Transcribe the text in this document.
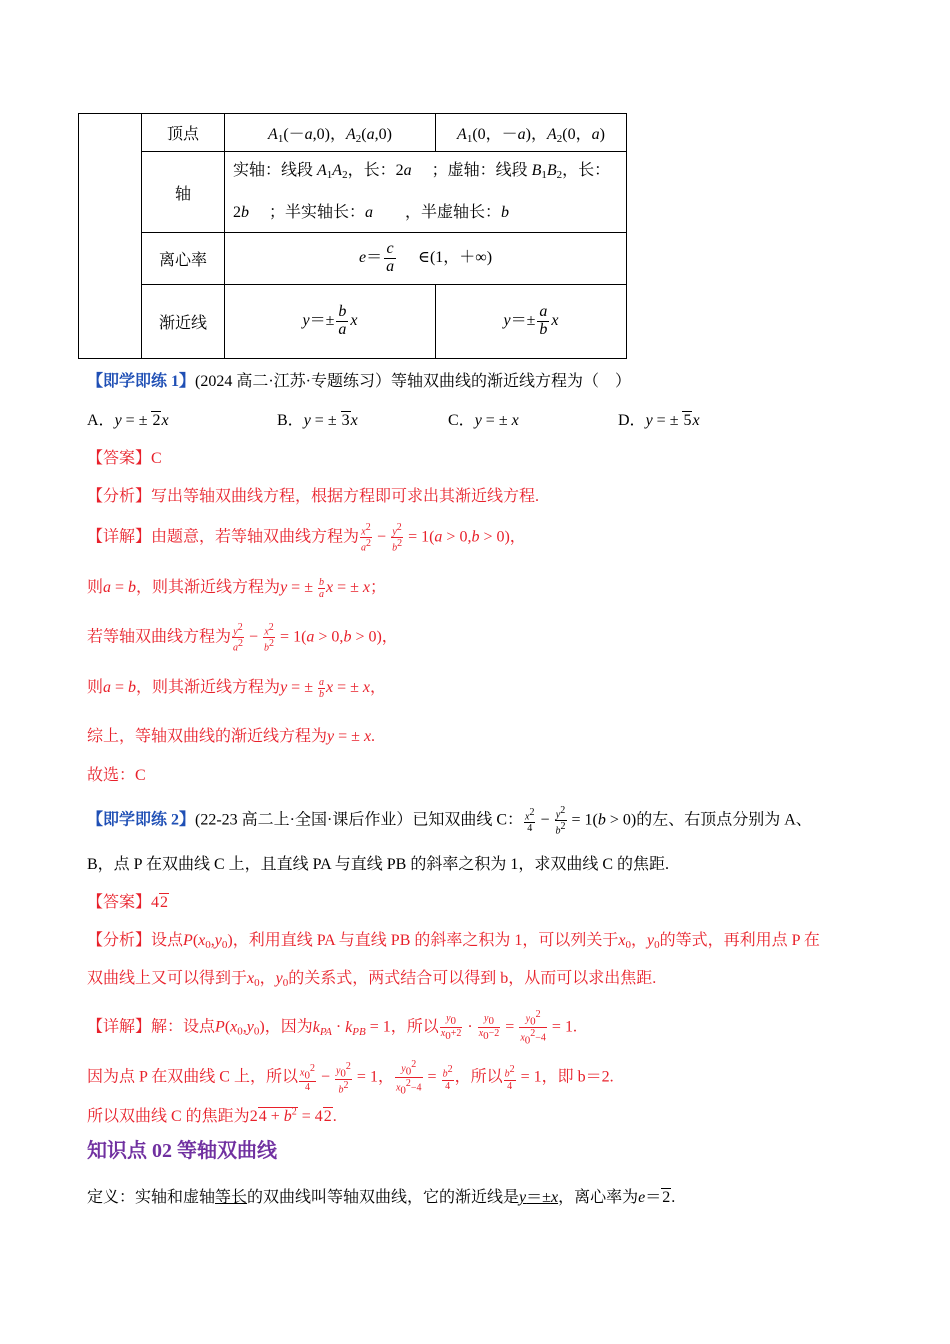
	顶点	$A_1(-a,0)$，$A_2(a,0)$	$A_1(0$，－a)，$A_2(0$，a)
	轴	实轴：线段 $A_1A_2$，长：2a　 ；虚轴：线段 $B_1B_2$，长：
2b　 ；半实轴长：a　　，半虚轴长：b	
	离心率	$e= \frac{c}{a}$
　 ∈(1，＋∞)	
	渐近线	$y=\pm \frac{b}{a}$ x	$y=\pm \frac{a}{b}$ x
【即学即练 1】(2024 高二·江苏·专题练习）等轴双曲线的渐近线方程为（　）
A．y = ± 2x	B．y = ± 3x	C．y = ± x	D．y = ± 5x
【答案】C
【分析】写出等轴双曲线方程，根据方程即可求出其渐近线方程.
【详解】由题意，若等轴双曲线方程为 $\frac{x^2}{a^2} - \frac{y^2}{b^2} = 1(a > 0,b > 0)$，
则a = b，则其渐近线方程为y = ± $\frac{b}{a}$ x = ± x；
若等轴双曲线方程为 $\frac{y^2}{a^2} - \frac{x^2}{b^2} = 1(a > 0,b > 0)$，
则a = b，则其渐近线方程为y = ± $\frac{a}{b}$ x = ± x，
综上，等轴双曲线的渐近线方程为y = ± x.
故选：C
【即学即练 2】(22-23 高二上·全国·课后作业）已知双曲线 C： $\frac{x^2}{4} - \frac{y^2}{b^2} = 1(b > 0)$的左、右顶点分别为 A、
B，点 P 在双曲线 C 上，且直线 PA 与直线 PB 的斜率之积为 1，求双曲线 C 的焦距.
【答案】42
【分析】设点$P(x_0,y_0)$，利用直线 PA 与直线 PB 的斜率之积为 1，可以列关于$x_0$，$y_0$的等式，再利用点 P 在
双曲线上又可以得到于$x_0$，$y_0$的关系式，两式结合可以得到 b，从而可以求出焦距.
【详解】解：设点$P(x_0,y_0)$，因为$k_{PA} \cdot k_{PB} = 1$，所以 $\frac{y_0}{x_0+2} \cdot \frac{y_0}{x_0-2} = \frac{y_0^2}{x_0^2-4} = 1$.
因为点 P 在双曲线 C 上，所以 $\frac{x_0^2}{4} - \frac{y_0^2}{b^2} = 1$， $\frac{y_0^2}{x_0^2-4} = \frac{b^2}{4}$ ，所以 $\frac{b^2}{4} = 1$，即 b＝2.
所以双曲线 C 的焦距为$24 + b^2 = 42$.
知识点 02 等轴双曲线
定义：实轴和虚轴等长的双曲线叫等轴双曲线，它的渐近线是y＝±x，离心率为e＝2.
